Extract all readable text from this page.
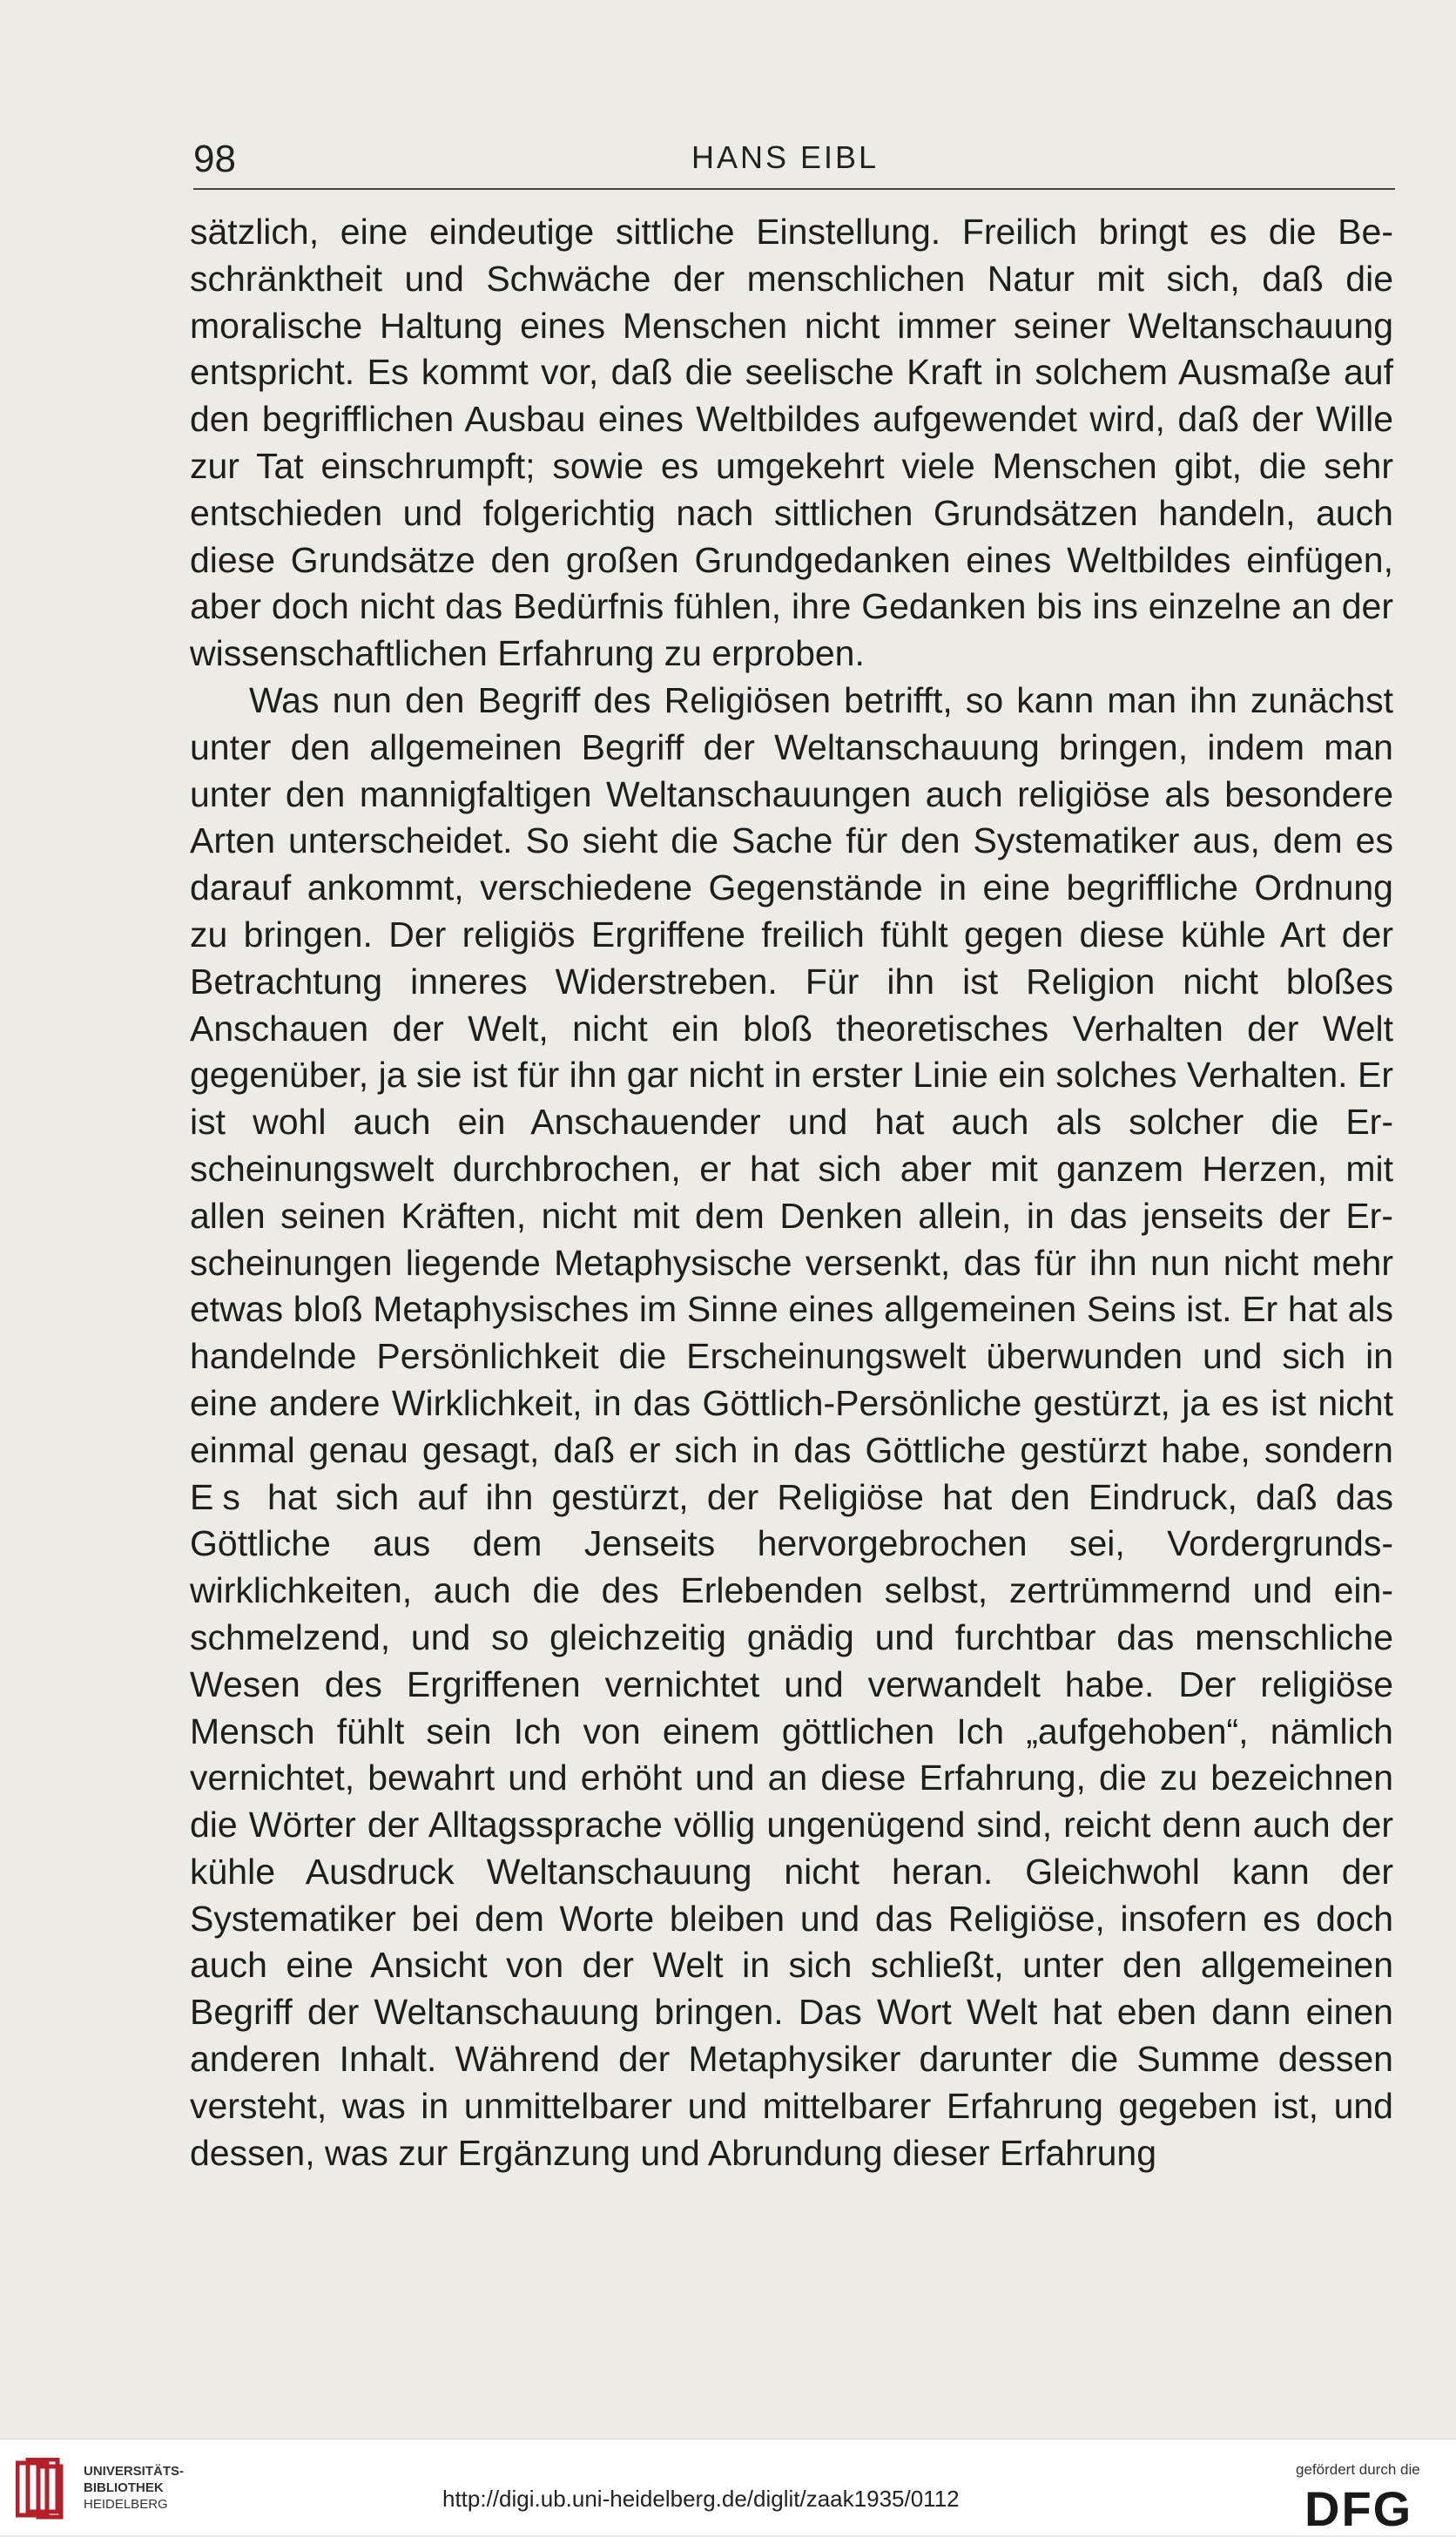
98	HANS EIBL

sätzlich, eine eindeutige sittliche Einstellung. Freilich bringt es die Beschränktheit und Schwäche der menschlichen Natur mit sich, daß die moralische Haltung eines Menschen nicht immer seiner Weltanschauung entspricht. Es kommt vor, daß die seelische Kraft in solchem Ausmaße auf den begrifflichen Ausbau eines Weltbildes aufgewendet wird, daß der Wille zur Tat einschrumpft; sowie es umgekehrt viele Menschen gibt, die sehr entschieden und folgerichtig nach sittlichen Grundsätzen handeln, auch diese Grundsätze den großen Grundgedanken eines Weltbildes einfügen, aber doch nicht das Bedürfnis fühlen, ihre Gedanken bis ins einzelne an der wissenschaftlichen Erfahrung zu erproben.

Was nun den Begriff des Religiösen betrifft, so kann man ihn zunächst unter den allgemeinen Begriff der Weltanschauung bringen, indem man unter den mannigfaltigen Weltanschauungen auch religiöse als besondere Arten unterscheidet. So sieht die Sache für den Systematiker aus, dem es darauf ankommt, verschiedene Gegenstände in eine begriffliche Ordnung zu bringen. Der religiös Ergriffene freilich fühlt gegen diese kühle Art der Betrachtung inneres Widerstreben. Für ihn ist Religion nicht bloßes Anschauen der Welt, nicht ein bloß theoretisches Verhalten der Welt gegenüber, ja sie ist für ihn gar nicht in erster Linie ein solches Verhalten. Er ist wohl auch ein Anschauender und hat auch als solcher die Erscheinungswelt durchbrochen, er hat sich aber mit ganzem Herzen, mit allen seinen Kräften, nicht mit dem Denken allein, in das jenseits der Erscheinungen liegende Metaphysische versenkt, das für ihn nun nicht mehr etwas bloß Metaphysisches im Sinne eines allgemeinen Seins ist. Er hat als handelnde Persönlichkeit die Erscheinungswelt überwunden und sich in eine andere Wirklichkeit, in das Göttlich-Persönliche gestürzt, ja es ist nicht einmal genau gesagt, daß er sich in das Göttliche gestürzt habe, sondern Es hat sich auf ihn gestürzt, der Religiöse hat den Eindruck, daß das Göttliche aus dem Jenseits hervorgebrochen sei, Vordergrundswirklichkeiten, auch die des Erlebenden selbst, zertrümmernd und einschmelzend, und so gleichzeitig gnädig und furchtbar das menschliche Wesen des Ergriffenen vernichtet und verwandelt habe. Der religiöse Mensch fühlt sein Ich von einem göttlichen Ich „aufgehoben“, nämlich vernichtet, bewahrt und erhöht und an diese Erfahrung, die zu bezeichnen die Wörter der Alltagssprache völlig ungenügend sind, reicht denn auch der kühle Ausdruck Weltanschauung nicht heran. Gleichwohl kann der Systematiker bei dem Worte bleiben und das Religiöse, insofern es doch auch eine Ansicht von der Welt in sich schließt, unter den allgemeinen Begriff der Weltanschauung bringen. Das Wort Welt hat eben dann einen anderen Inhalt. Während der Metaphysiker darunter die Summe dessen versteht, was in unmittelbarer und mittelbarer Erfahrung gegeben ist, und dessen, was zur Ergänzung und Abrundung dieser Erfahrung

UNIVERSITÄTS-
BIBLIOTHEK
HEIDELBERG	http://digi.ub.uni-heidelberg.de/diglit/zaak1935/0112
gefördert durch die
DFG
